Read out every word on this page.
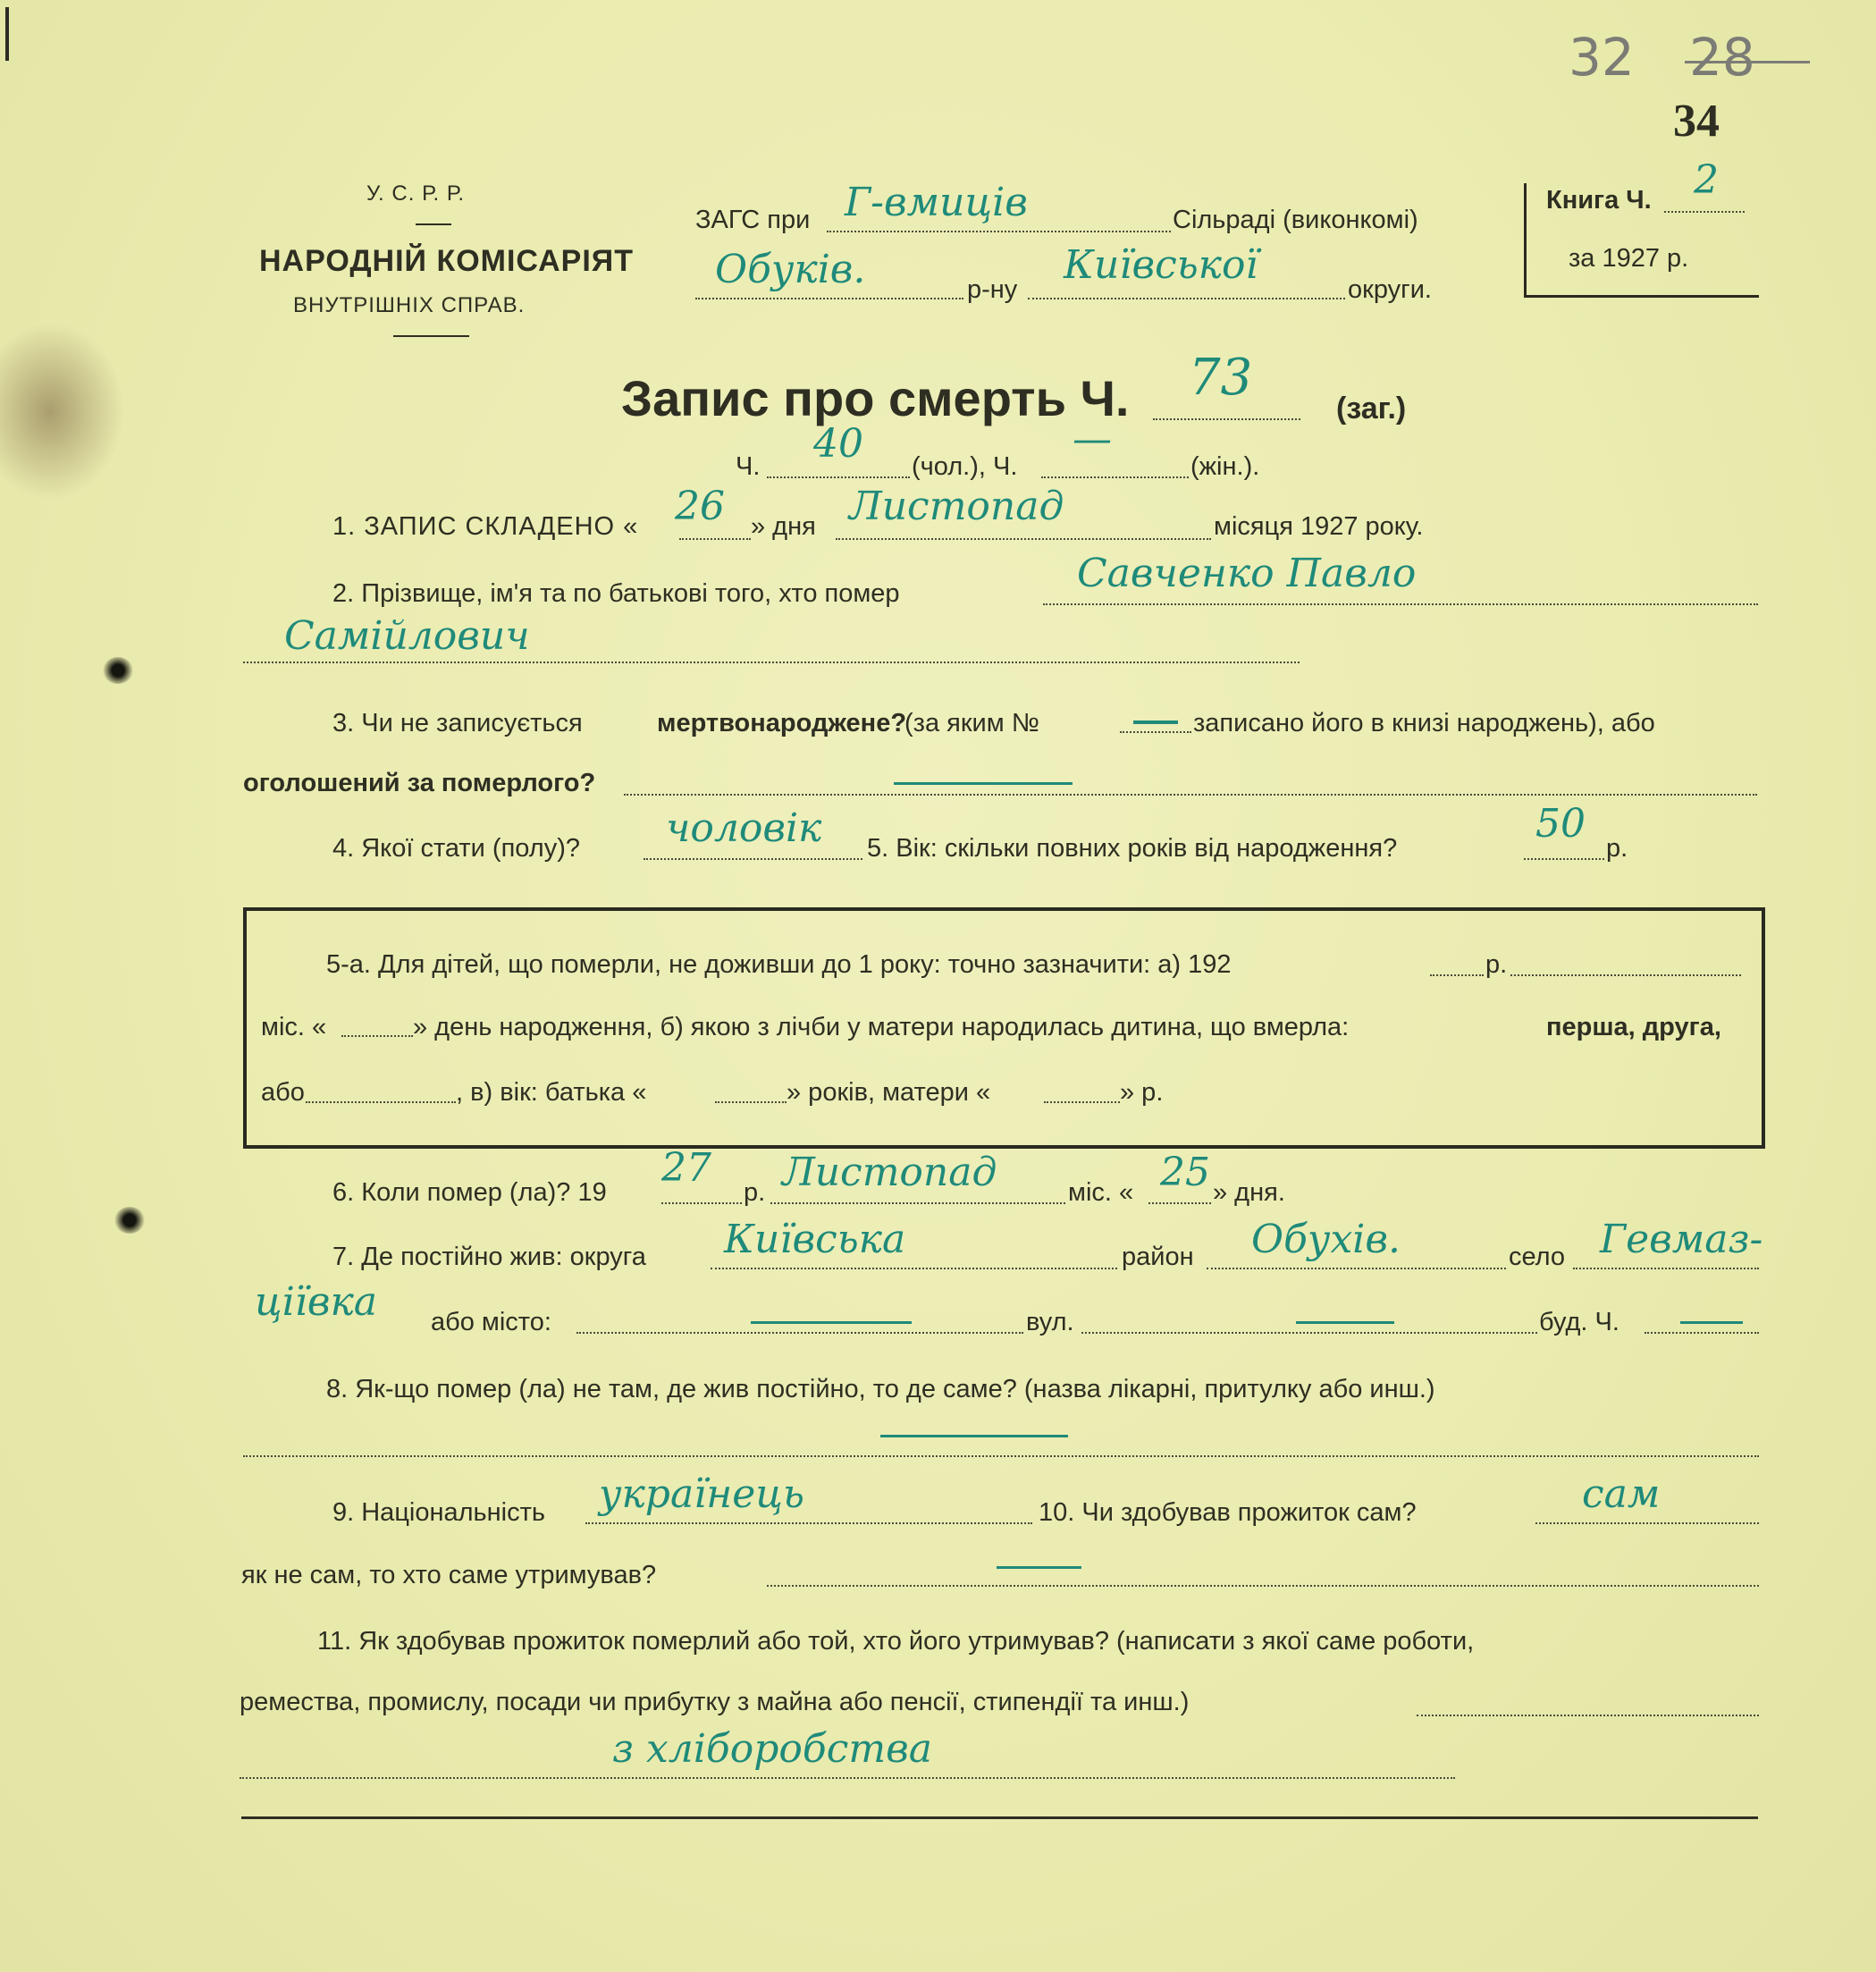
У. С. Р. Р.
НАРОДНІЙ КОМІСАРІЯТ
ВНУТРІШНІХ СПРАВ.
32 28
34
Книга Ч. 2
за 1927 р.
ЗАГС при Г-вмиців	Сільраді (виконкомі)
Обуків.	р-ну
Київської
округи.
Запис про смерть Ч. 73
(заг.)
Ч. 40 (чол.), Ч.
—
(жін.).
1. ЗАПИС СКЛАДЕНО « 26 » дня Листопад	місяця 1927 року.
2. Прізвище, ім'я та по батькові того, хто помер	Савченко Павло
Самійлович
3. Чи не записується	мертвонароджене?
(за яким №	записано його в книзі народжень), або
оголошений за померлого?
4. Якої стати (полу)? чоловік 5. Вік: скільки повних років від народження?
50
р.
5-а. Для дітей, що померли, не доживши до 1 року: точно зазначити: а) 192	р.
міс. «	» день народження, б) якою з лічби у матери народилась дитина, що вмерла:	перша, друга,
або	, в) вік: батька «	» років, матери «	» р.
6. Коли помер (ла)? 19
27
р. Листопад	міс. « 25 » дня.
7. Де постійно жив: округа Київська	район Обухів.	село Гевмаз-
ціївка або місто:	вул.	буд. Ч.
8. Як-що помер (ла) не там, де жив постійно, то де саме? (назва лікарні, притулку або инш.)
9. Національність українець	10. Чи здобував прожиток сам?	сам
як не сам, то хто саме утримував?
11. Як здобував прожиток померлий або той, хто його утримував? (написати з якої саме роботи,
ремества, промислу, посади чи прибутку з майна або пенсії, стипендії та инш.)
з хліборобства
